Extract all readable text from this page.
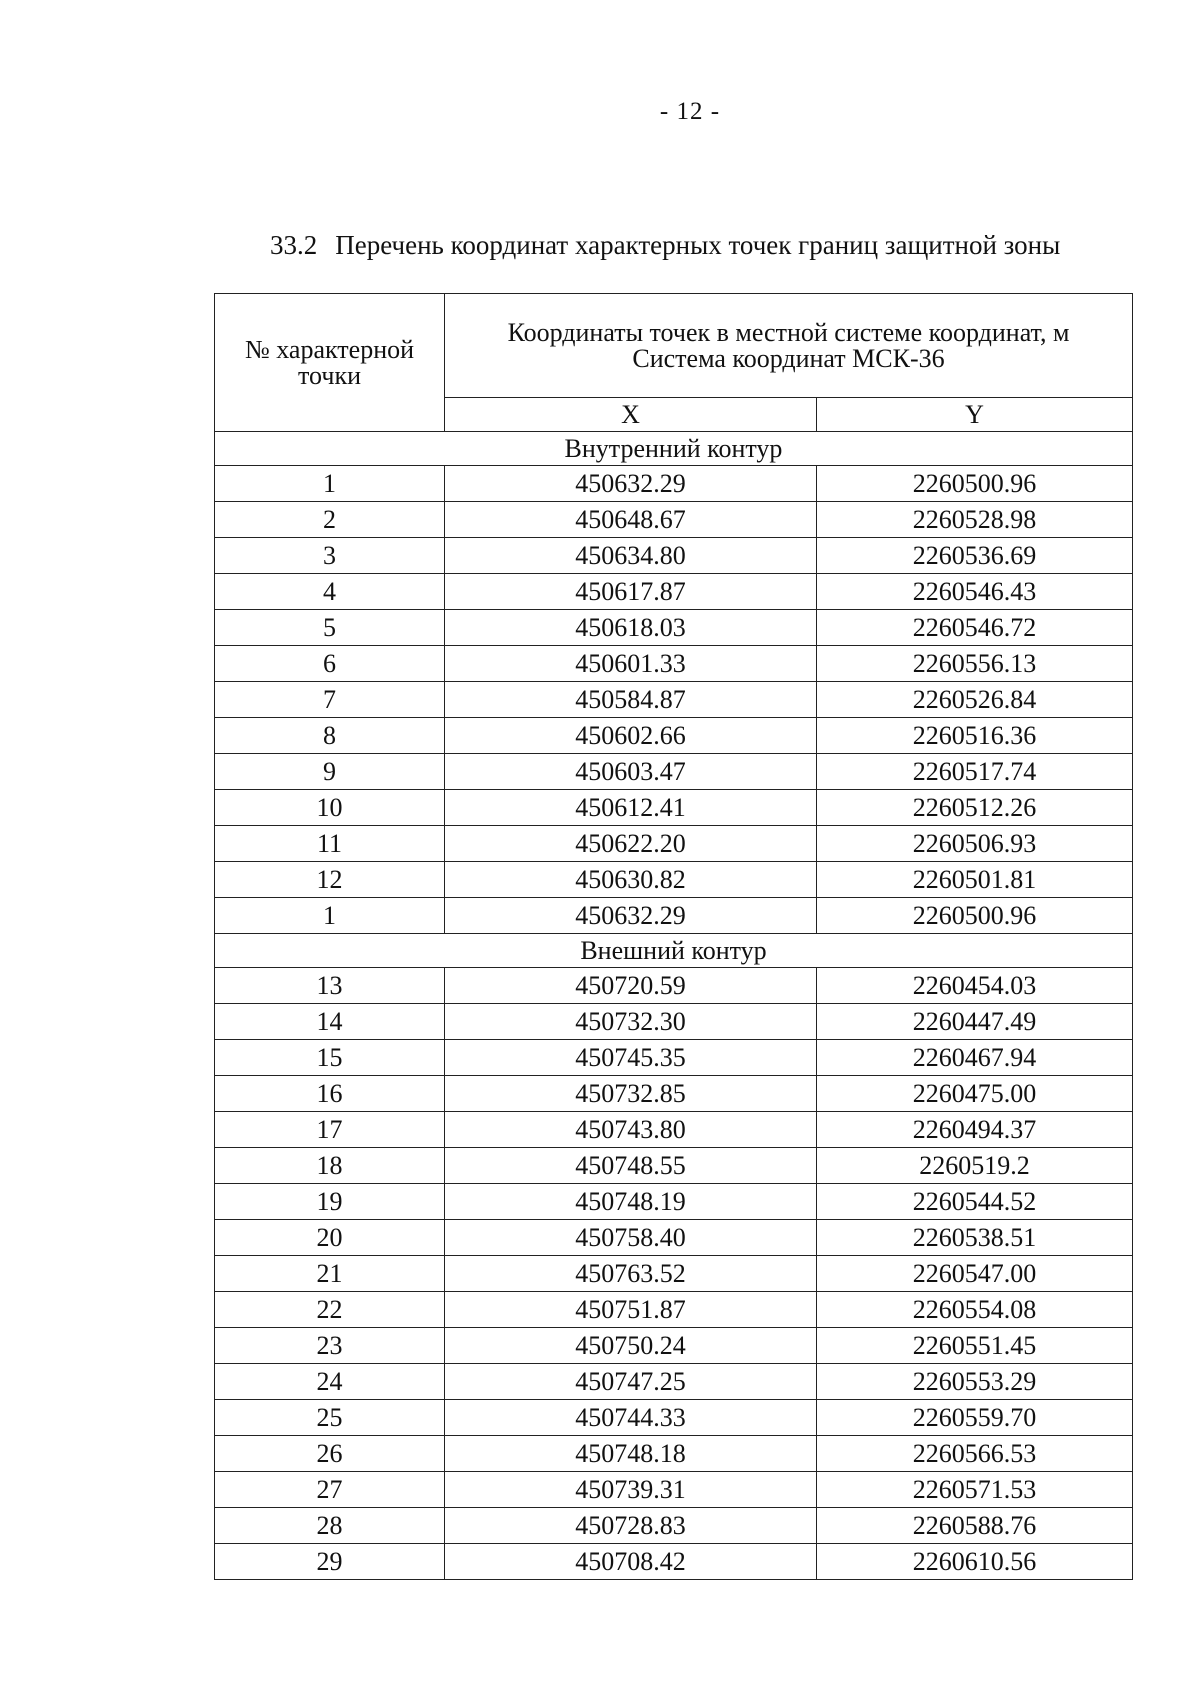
- 12 -
33.2 Перечень координат характерных точек границ защитной зоны
№ характерной
точки	Координаты точек в местной системе координат, м
Система координат МСК-36	
	X	Y
Внутренний контур		
1	450632.29	2260500.96
2	450648.67	2260528.98
3	450634.80	2260536.69
4	450617.87	2260546.43
5	450618.03	2260546.72
6	450601.33	2260556.13
7	450584.87	2260526.84
8	450602.66	2260516.36
9	450603.47	2260517.74
10	450612.41	2260512.26
11	450622.20	2260506.93
12	450630.82	2260501.81
1	450632.29	2260500.96
Внешний контур		
13	450720.59	2260454.03
14	450732.30	2260447.49
15	450745.35	2260467.94
16	450732.85	2260475.00
17	450743.80	2260494.37
18	450748.55	2260519.2
19	450748.19	2260544.52
20	450758.40	2260538.51
21	450763.52	2260547.00
22	450751.87	2260554.08
23	450750.24	2260551.45
24	450747.25	2260553.29
25	450744.33	2260559.70
26	450748.18	2260566.53
27	450739.31	2260571.53
28	450728.83	2260588.76
29	450708.42	2260610.56
